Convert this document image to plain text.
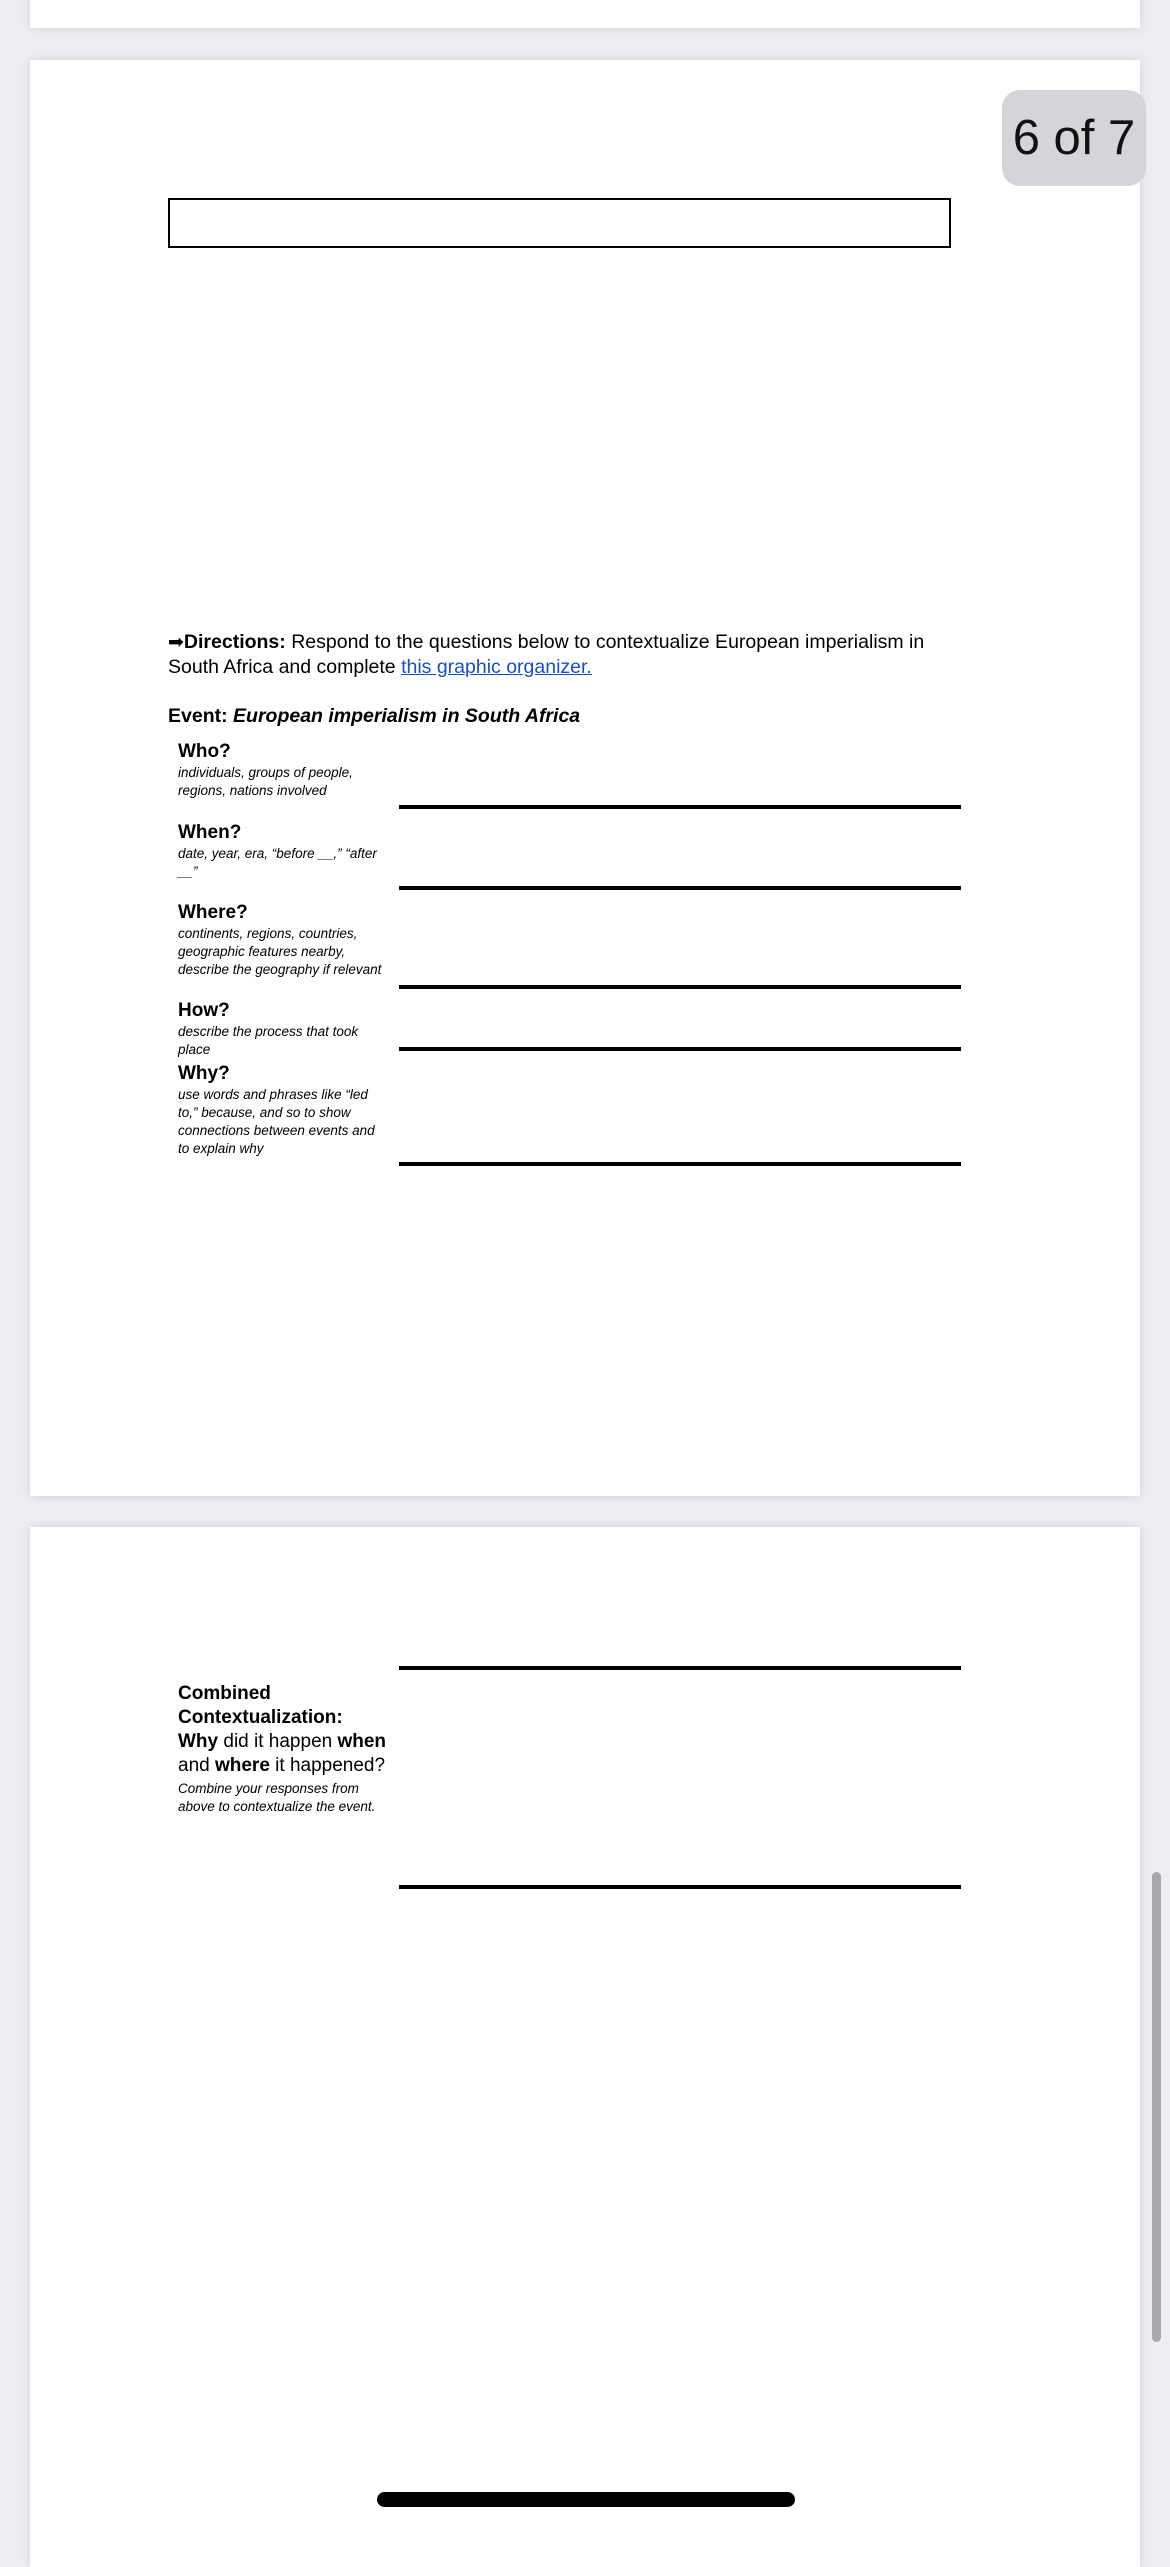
➡Directions: Respond to the questions below to contextualize European imperialism in South Africa and complete this graphic organizer.
Event: European imperialism in South Africa
Who?
individuals, groups of people, regions, nations involved
When?
date, year, era, “before __,” “after __”
Where?
continents, regions, countries, geographic features nearby, describe the geography if relevant
How?
describe the process that took place
Why?
use words and phrases like “led to,” because, and so to show connections between events and to explain why
Combined Contextualization:
Why did it happen when and where it happened?
Combine your responses from above to contextualize the event.
6 of 7
